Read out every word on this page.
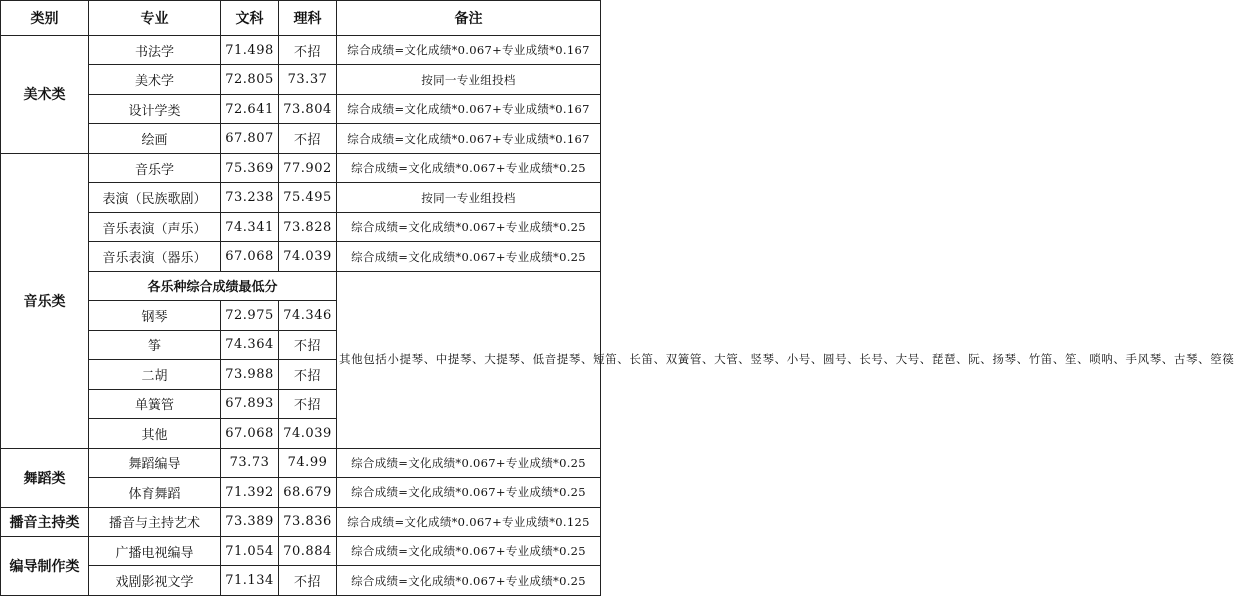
类别	专业	文科	理科	备注
美术类	书法学	71.498	不招	综合成绩=文化成绩*0.067+专业成绩*0.167
	美术学	72.805	73.37	按同一专业组投档
	设计学类	72.641	73.804	综合成绩=文化成绩*0.067+专业成绩*0.167
	绘画	67.807	不招	综合成绩=文化成绩*0.067+专业成绩*0.167
音乐类	音乐学	75.369	77.902	综合成绩=文化成绩*0.067+专业成绩*0.25
	表演（民族歌剧）	73.238	75.495	按同一专业组投档
	音乐表演（声乐）	74.341	73.828	综合成绩=文化成绩*0.067+专业成绩*0.25
	音乐表演（器乐）	67.068	74.039	综合成绩=文化成绩*0.067+专业成绩*0.25
	各乐种综合成绩最低分			其他包括小提琴、中提琴、大提琴、低音提琴、短笛、长笛、双簧管、大管、竖琴、小号、圆号、长号、大号、琵琶、阮、扬琴、竹笛、笙、唢呐、手风琴、古琴、箜篌
	钢琴	72.975	74.346	
	筝	74.364	不招	
	二胡	73.988	不招	
	单簧管	67.893	不招	
	其他	67.068	74.039	
舞蹈类	舞蹈编导	73.73	74.99	综合成绩=文化成绩*0.067+专业成绩*0.25
	体育舞蹈	71.392	68.679	综合成绩=文化成绩*0.067+专业成绩*0.25
播音主持类	播音与主持艺术	73.389	73.836	综合成绩=文化成绩*0.067+专业成绩*0.125
编导制作类	广播电视编导	71.054	70.884	综合成绩=文化成绩*0.067+专业成绩*0.25
	戏剧影视文学	71.134	不招	综合成绩=文化成绩*0.067+专业成绩*0.25
